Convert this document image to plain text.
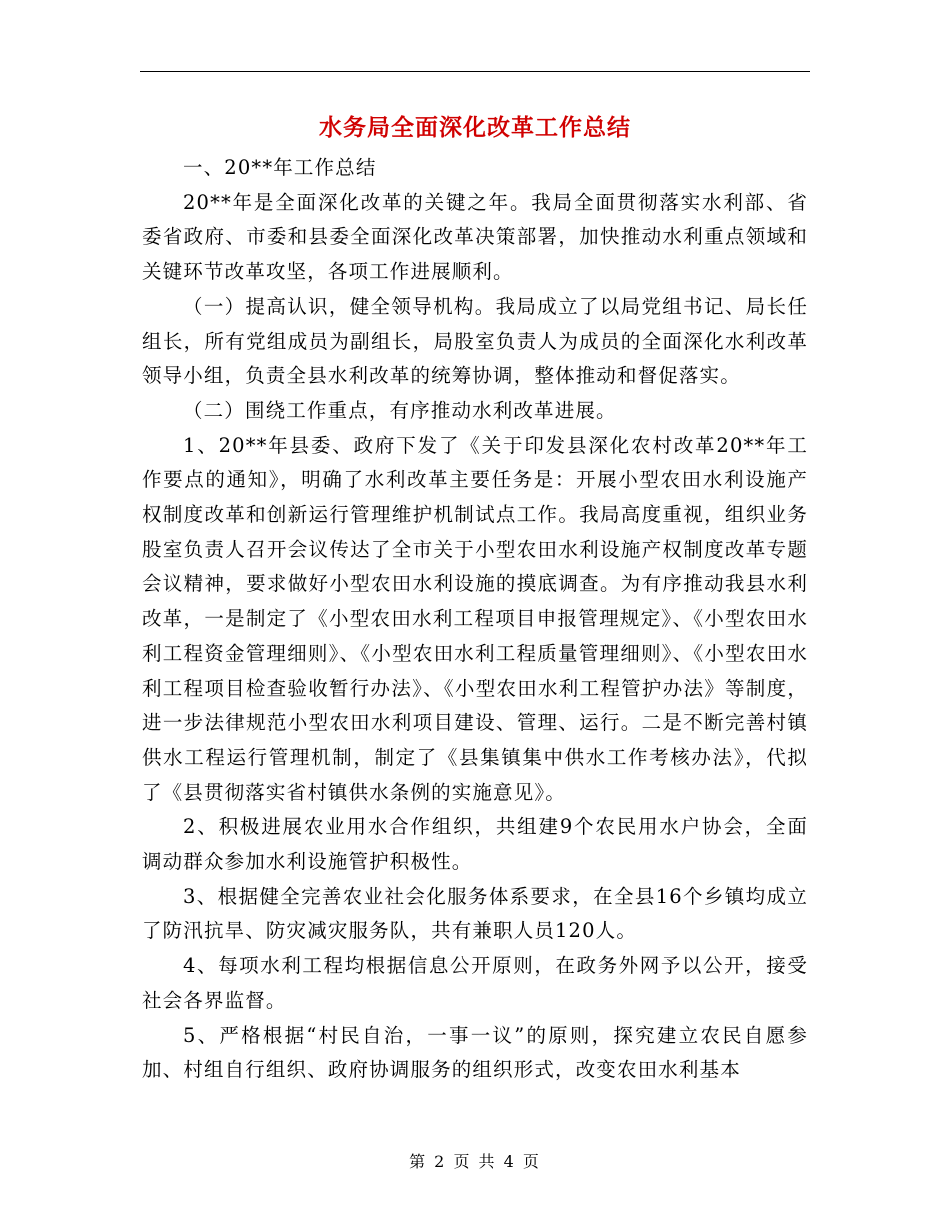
水务局全面深化改革工作总结

一、20**年工作总结

20**年是全面深化改革的关键之年。我局全面贯彻落实水利部、省委省政府、市委和县委全面深化改革决策部署，加快推动水利重点领域和关键环节改革攻坚，各项工作进展顺利。

（一）提高认识，健全领导机构。我局成立了以局党组书记、局长任组长，所有党组成员为副组长，局股室负责人为成员的全面深化水利改革领导小组，负责全县水利改革的统筹协调，整体推动和督促落实。

（二）围绕工作重点，有序推动水利改革进展。

1、20**年县委、政府下发了《关于印发县深化农村改革20**年工作要点的通知》，明确了水利改革主要任务是：开展小型农田水利设施产权制度改革和创新运行管理维护机制试点工作。我局高度重视，组织业务股室负责人召开会议传达了全市关于小型农田水利设施产权制度改革专题会议精神，要求做好小型农田水利设施的摸底调查。为有序推动我县水利改革，一是制定了《小型农田水利工程项目申报管理规定》、《小型农田水利工程资金管理细则》、《小型农田水利工程质量管理细则》、《小型农田水利工程项目检查验收暂行办法》、《小型农田水利工程管护办法》等制度，进一步法律规范小型农田水利项目建设、管理、运行。二是不断完善村镇供水工程运行管理机制，制定了《县集镇集中供水工作考核办法》，代拟了《县贯彻落实省村镇供水条例的实施意见》。

2、积极进展农业用水合作组织，共组建9个农民用水户协会，全面调动群众参加水利设施管护积极性。

3、根据健全完善农业社会化服务体系要求，在全县16个乡镇均成立了防汛抗旱、防灾减灾服务队，共有兼职人员120人。

4、每项水利工程均根据信息公开原则，在政务外网予以公开，接受社会各界监督。

5、严格根据“村民自治，一事一议”的原则，探究建立农民自愿参加、村组自行组织、政府协调服务的组织形式，改变农田水利基本

第 2 页 共 4 页
